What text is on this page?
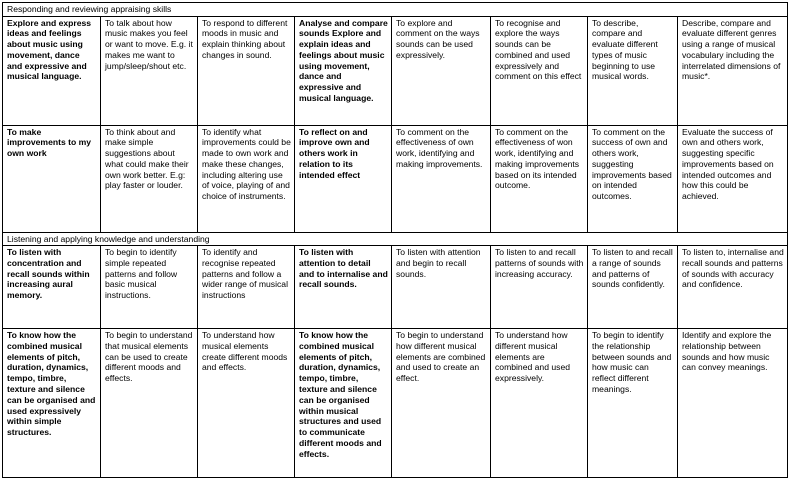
Responding and reviewing appraising skills							
Explore and express ideas and feelings about music using movement, dance and expressive and musical language.	To talk about how music makes you feel or want to move. E.g. it makes me want to jump/sleep/shout etc.	To respond to different moods in music and explain thinking about changes in sound.	Analyse and compare sounds Explore and explain ideas and feelings about music using movement, dance and expressive and musical language.	To explore and comment on the ways sounds can be used expressively.	To recognise and explore the ways sounds can be combined and used expressively and comment on this effect	To describe, compare and evaluate different types of music beginning to use musical words.	Describe, compare and evaluate different genres using a range of musical vocabulary including the interrelated dimensions of music*.
To make improvements to my own work	To think about and make simple suggestions about what could make their own work better. E.g: play faster or louder.	To identify what improvements could be made to own work and make these changes, including altering use of voice, playing of and choice of instruments.	To reflect on and improve own and others work in relation to its intended effect	To comment on the effectiveness of own work, identifying and making improvements.	To comment on the effectiveness of won work, identifying and making improvements based on its intended outcome.	To comment on the success of own and others work, suggesting improvements based on intended outcomes.	Evaluate the success of own and others work, suggesting specific improvements based on intended outcomes and how this could be achieved.
Listening and applying knowledge and understanding							
To listen with concentration and recall sounds within increasing aural memory.	To begin to identify simple repeated patterns and follow basic musical instructions.	To identify and recognise repeated patterns and follow a wider range of musical instructions	To listen with attention to detail and to internalise and recall sounds.	To listen with attention and begin to recall sounds.	To listen to and recall patterns of sounds with increasing accuracy.	To listen to and recall a range of sounds and patterns of sounds confidently.	To listen to, internalise and recall sounds and patterns of sounds with accuracy and confidence.
To know how the combined musical elements of pitch, duration, dynamics, tempo, timbre, texture and silence can be organised and used expressively within simple structures.	To begin to understand that musical elements can be used to create different moods and effects.	To understand how musical elements create different moods and effects.	To know how the combined musical elements of pitch, duration, dynamics, tempo, timbre, texture and silence can be organised within musical structures and used to communicate different moods and effects.	To begin to understand how different musical elements are combined and used to create an effect.	To understand how different musical elements are combined and used expressively.	To begin to identify the relationship between sounds and how music can reflect different meanings.	Identify and explore the relationship between sounds and how music can convey meanings.
